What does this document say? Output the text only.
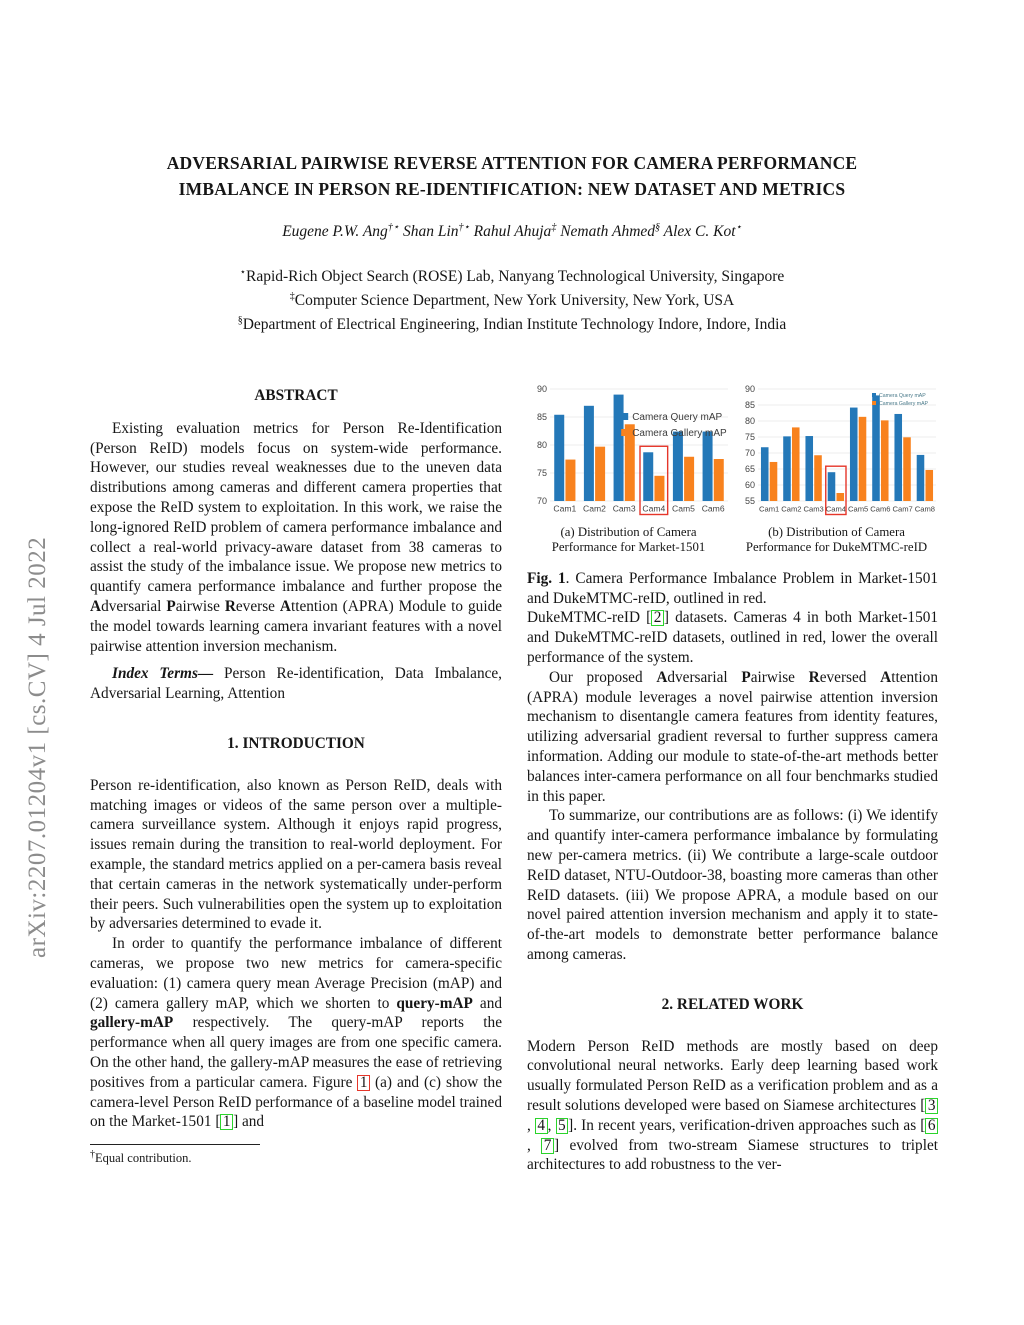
arXiv:2207.01204v1 [cs.CV] 4 Jul 2022
ADVERSARIAL PAIRWISE REVERSE ATTENTION FOR CAMERA PERFORMANCE
IMBALANCE IN PERSON RE-IDENTIFICATION: NEW DATASET AND METRICS
Eugene P.W. Ang†⋆ Shan Lin†⋆ Rahul Ahuja‡ Nemath Ahmed§ Alex C. Kot⋆
⋆Rapid-Rich Object Search (ROSE) Lab, Nanyang Technological University, Singapore
‡Computer Science Department, New York University, New York, USA
§Department of Electrical Engineering, Indian Institute Technology Indore, Indore, India
ABSTRACT

Existing evaluation metrics for Person Re-Identification (Person ReID) models focus on system-wide performance. However, our studies reveal weaknesses due to the uneven data distributions among cameras and different camera properties that expose the ReID system to exploitation. In this work, we raise the long-ignored ReID problem of camera performance imbalance and collect a real-world privacy-aware dataset from 38 cameras to assist the study of the imbalance issue. We propose new metrics to quantify camera performance imbalance and further propose the Adversarial Pairwise Reverse Attention (APRA) Module to guide the model towards learning camera invariant features with a novel pairwise attention inversion mechanism.

Index Terms— Person Re-identification, Data Imbalance, Adversarial Learning, Attention

1. INTRODUCTION

Person re-identification, also known as Person ReID, deals with matching images or videos of the same person over a multiple-camera surveillance system. Although it enjoys rapid progress, issues remain during the transition to real-world deployment. For example, the standard metrics applied on a per-camera basis reveal that certain cameras in the network systematically under-perform their peers. Such vulnerabilities open the system up to exploitation by adversaries determined to evade it.

In order to quantify the performance imbalance of different cameras, we propose two new metrics for camera-specific evaluation: (1) camera query mean Average Precision (mAP) and (2) camera gallery mAP, which we shorten to query-mAP and gallery-mAP respectively. The query-mAP reports the performance when all query images are from one specific camera. On the other hand, the gallery-mAP measures the ease of retrieving positives from a particular camera. Figure 1 (a) and (c) show the camera-level Person ReID performance of a baseline model trained on the Market-1501 [ 1 ] and

†Equal contribution.
70
75
80
85
90
Cam1 Cam2 Cam3 Cam4 Cam5 Cam6
Camera Query mAP
Camera Gallery mAP
(a) Distribution of Camera Performance for Market-1501
55
60
65
70
75
80
85
90
Cam1 Cam2 Cam3 Cam4 Cam5 Cam6 Cam7 Cam8
Camera Query mAP
Camera Gallery mAP
(b) Distribution of Camera Performance for DukeMTMC-reID
Fig. 1. Camera Performance Imbalance Problem in Market-1501 and DukeMTMC-reID, outlined in red.

DukeMTMC-reID [ 2 ] datasets. Cameras 4 in both Market-1501 and DukeMTMC-reID datasets, outlined in red, lower the overall performance of the system.

Our proposed Adversarial Pairwise Reversed Attention (APRA) module leverages a novel pairwise attention inversion mechanism to disentangle camera features from identity features, utilizing adversarial gradient reversal to further suppress camera information. Adding our module to state-of-the-art methods better balances inter-camera performance on all four benchmarks studied in this paper.

To summarize, our contributions are as follows: (i) We identify and quantify inter-camera performance imbalance by formulating new per-camera metrics. (ii) We contribute a large-scale outdoor ReID dataset, NTU-Outdoor-38, boasting more cameras than other ReID datasets. (iii) We propose APRA, a module based on our novel paired attention inversion mechanism and apply it to state-of-the-art models to demonstrate better performance balance among cameras.

2. RELATED WORK

Modern Person ReID methods are mostly based on deep convolutional neural networks. Early deep learning based work usually formulated Person ReID as a verification problem and as a result solutions developed were based on Siamese architectures [ 3, 4 , 5 ]. In recent years, verification-driven approaches such as [ 6, 7 ] evolved from two-stream Siamese structures to triplet architectures to add robustness to the ver-
